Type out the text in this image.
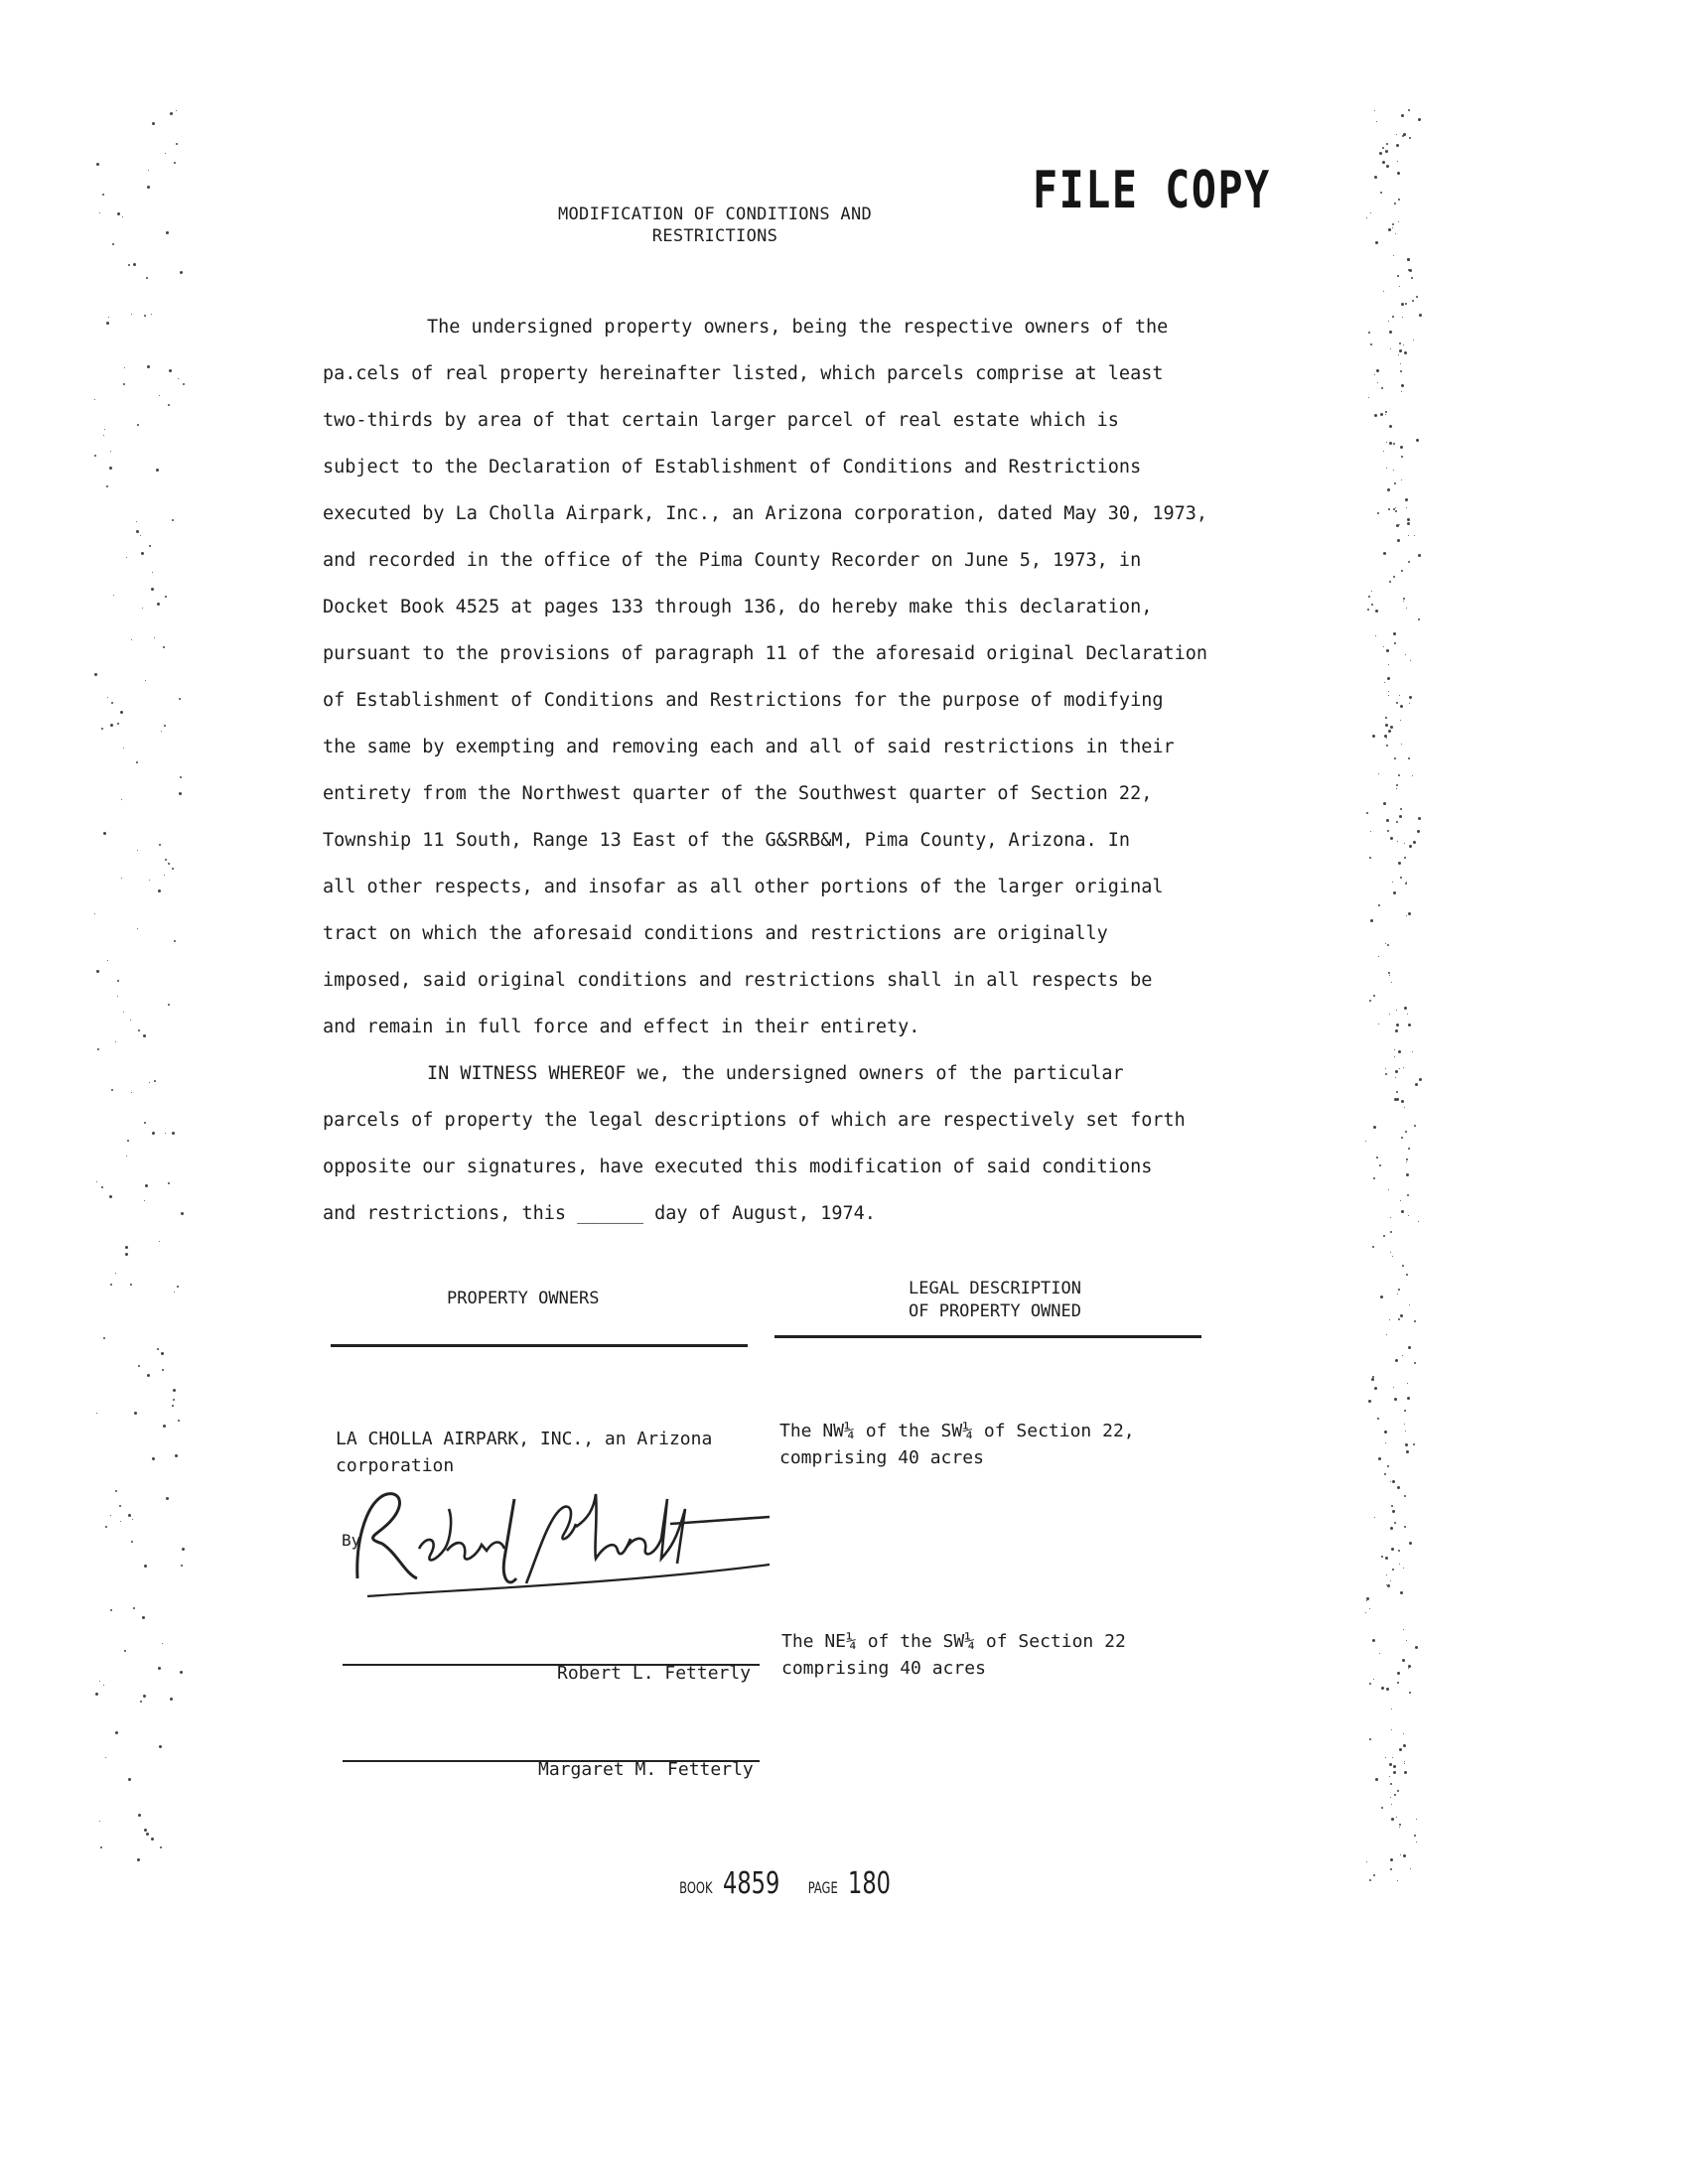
MODIFICATION OF CONDITIONS AND
RESTRICTIONS
FILE COPY
The undersigned property owners, being the respective owners of the
pa.cels of real property hereinafter listed, which parcels comprise at least
two-thirds by area of that certain larger parcel of real estate which is
subject to the Declaration of Establishment of Conditions and Restrictions
executed by La Cholla Airpark, Inc., an Arizona corporation, dated May 30, 1973,
and recorded in the office of the Pima County Recorder on June 5, 1973, in
Docket Book 4525 at pages 133 through 136, do hereby make this declaration,
pursuant to the provisions of paragraph 11 of the aforesaid original Declaration
of Establishment of Conditions and Restrictions for the purpose of modifying
the same by exempting and removing each and all of said restrictions in their
entirety from the Northwest quarter of the Southwest quarter of Section 22,
Township 11 South, Range 13 East of the G&SRB&M, Pima County, Arizona. In
all other respects, and insofar as all other portions of the larger original
tract on which the aforesaid conditions and restrictions are originally
imposed, said original conditions and restrictions shall in all respects be
and remain in full force and effect in their entirety.
IN WITNESS WHEREOF we, the undersigned owners of the particular
parcels of property the legal descriptions of which are respectively set forth
opposite our signatures, have executed this modification of said conditions
and restrictions, this ______ day of August, 1974.
PROPERTY OWNERS	LEGAL DESCRIPTION
OF PROPERTY OWNED
LA CHOLLA AIRPARK, INC., an Arizona
corporation
The NW¼ of the SW¼ of Section 22,
comprising 40 acres
By
Robert L. Fetterly
The NE¼ of the SW¼ of Section 22
comprising 40 acres
Margaret M. Fetterly
BOOK 4859 PAGE 180
